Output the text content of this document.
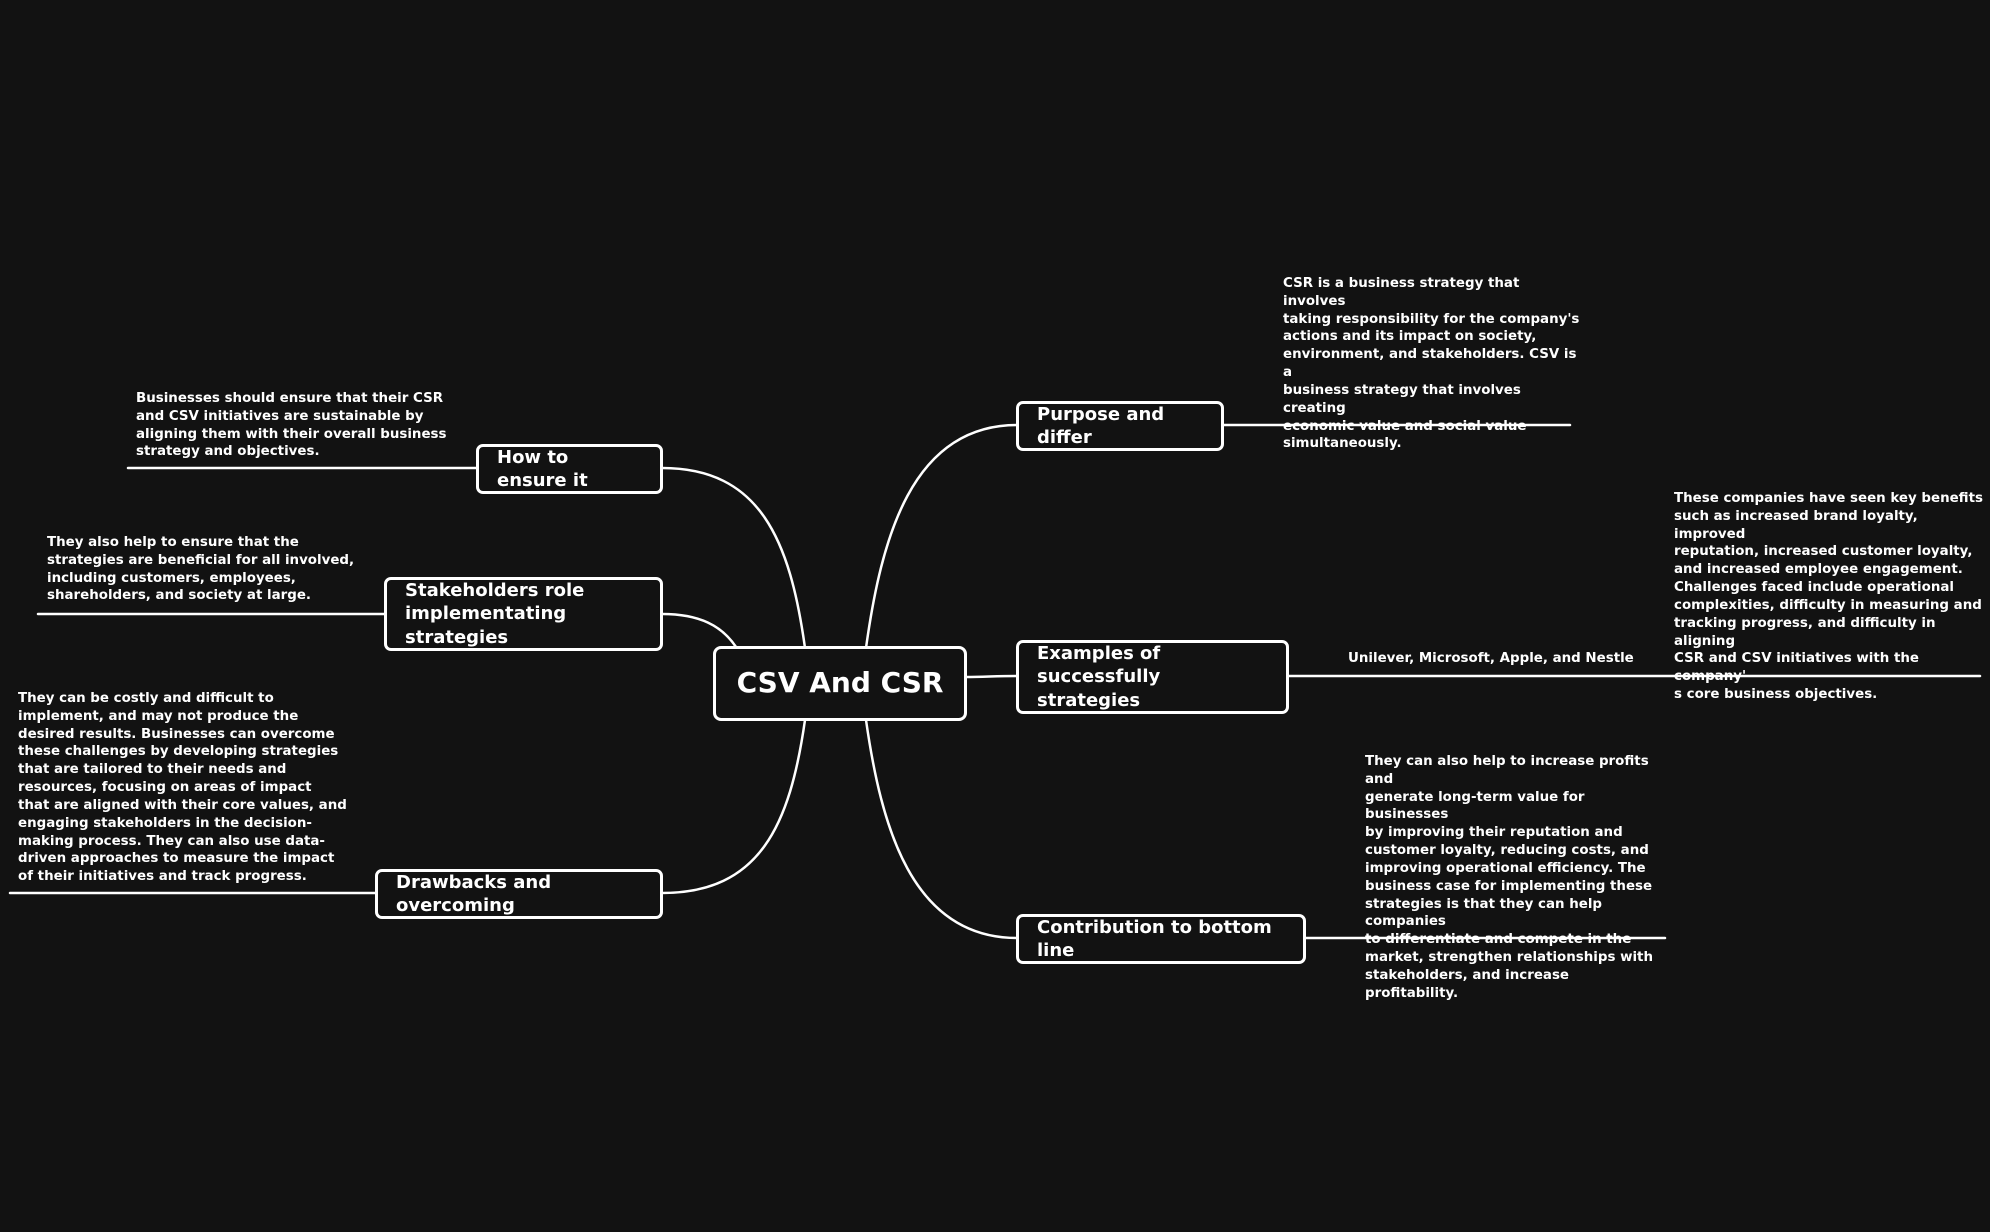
CSV And CSR
Purpose and differ
CSR is a business strategy that involves
taking responsibility for the company's
actions and its impact on society,
environment, and stakeholders. CSV is a
business strategy that involves creating
economic value and social value
simultaneously.
Examples of successfully
strategies
Unilever, Microsoft, Apple, and Nestle
These companies have seen key benefits
such as increased brand loyalty, improved
reputation, increased customer loyalty,
and increased employee engagement.
Challenges faced include operational
complexities, difficulty in measuring and
tracking progress, and difficulty in aligning
CSR and CSV initiatives with the company'
s core business objectives.
Contribution to bottom line
They can also help to increase profits and
generate long-term value for businesses
by improving their reputation and
customer loyalty, reducing costs, and
improving operational efficiency. The
business case for implementing these
strategies is that they can help companies
to differentiate and compete in the
market, strengthen relationships with
stakeholders, and increase profitability.
How to ensure it
Businesses should ensure that their CSR
and CSV initiatives are sustainable by
aligning them with their overall business
strategy and objectives.
Stakeholders role
implementating strategies
They also help to ensure that the
strategies are beneficial for all involved,
including customers, employees,
shareholders, and society at large.
Drawbacks and overcoming
They can be costly and difficult to
implement, and may not produce the
desired results. Businesses can overcome
these challenges by developing strategies
that are tailored to their needs and
resources, focusing on areas of impact
that are aligned with their core values, and
engaging stakeholders in the decision-
making process. They can also use data-
driven approaches to measure the impact
of their initiatives and track progress.
